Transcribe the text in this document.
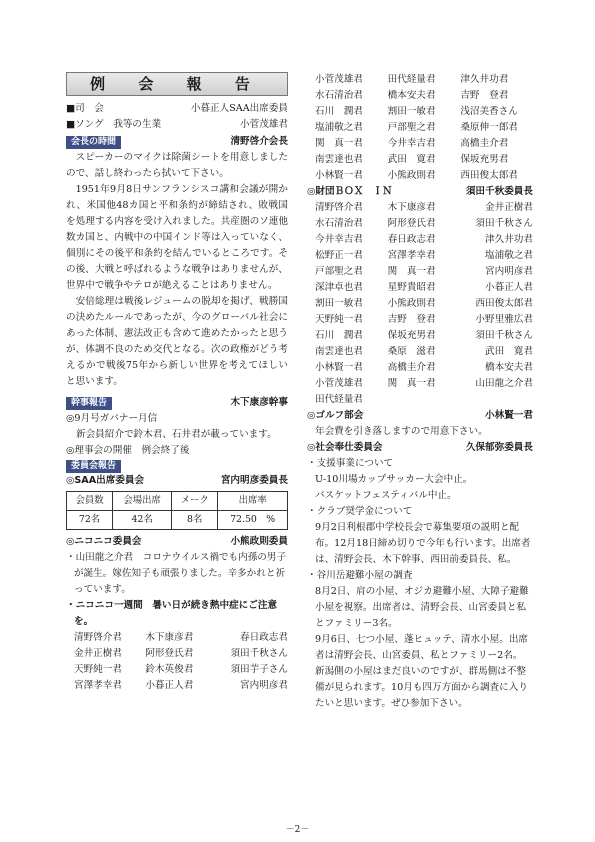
例 会 報 告
■司　会	小暮正人SAA出席委員
■ソング　我等の生業	小菅茂雄君
会長の時間	清野啓介会長

スピーカーのマイクは除菌シートを用意しましたので、話し終わったら拭いて下さい。

1951年9月8日サンフランシスコ講和会議が開かれ、米国他48カ国と平和条約が締結され、敗戦国を処理する内容を受け入れました。共産圏のソ連他数カ国と、内戦中の中国インド等は入っていなく、個別にその後平和条約を結んでいるところです。その後、大戦と呼ばれるような戦争はありませんが、世界中で戦争やテロが絶えることはありません。

安倍総理は戦後レジュームの脱却を掲げ、戦勝国の決めたルールであったが、今のグローバル社会にあった体制、憲法改正も含めて進めたかったと思うが、体調不良のため交代となる。次の政権がどう考えるかで戦後75年から新しい世界を考えてほしいと思います。

幹事報告	木下康彦幹事
◎9月号ガバナー月信
新会員紹介で鈴木君、石井君が載っています。
◎理事会の開催　例会終了後
委員会報告
◎SAA出席委員会	宮内明彦委員長
会員数	会場出席	メーク	出席率
72名	42名	8名	72.50　%
◎ニコニコ委員会	小熊政則委員
・山田龍之介君　コロナウイルス禍でも内孫の男子が誕生。嫁佐知子も頑張りました。辛多かれと祈っています。
・ニコニコ一週間　暑い日が続き熱中症にご注意を。
清野啓介君	木下康彦君	春日政志君
金井正樹君	阿形登氏君	須田千秋さん
天野純一君	鈴木英俊君	須田芋子さん
宮澤孝幸君	小暮正人君	宮内明彦君
小菅茂雄君	田代経量君	津久井功君
水石清治君	橋本安夫君	吉野　登君
石川　潤君	割田一敏君	浅沼美香さん
塩浦敬之君	戸部聖之君	桑原伸一郎君
関　真一君	今井幸吉君	高橋圭介君
南雲達也君	武田　寛君	保坂充男君
小林賢一君	小熊政則君	西田俊太郎君
◎財団ＢＯＸ　ＩＮ	須田千秋委員長
清野啓介君	木下康彦君	金井正樹君
水石清治君	阿形登氏君	須田千秋さん
今井幸吉君	春日政志君	津久井功君
松野正一君	宮澤孝幸君	塩浦敬之君
戸部聖之君	関　真一君	宮内明彦君
深津卓也君	星野貴昭君	小暮正人君
割田一敏君	小熊政則君	西田俊太郎君
天野純一君	吉野　登君	小野里雅広君
石川　潤君	保坂充男君	須田千秋さん
南雲達也君	桑原　滋君	武田　寛君
小林賢一君	高橋圭介君	橋本安夫君
小菅茂雄君	関　真一君	山田龍之介君
田代経量君
◎ゴルフ部会	小林賢一君
年会費を引き落しますので用意下さい。
◎社会奉仕委員会	久保郁弥委員長
・支援事業について
U-10川場カップサッカー大会中止。
バスケットフェスティバル中止。
・クラブ奨学金について
9月2日利根郡中学校長会で募集要項の説明と配布。12月18日締め切りで今年も行います。出席者は、清野会長、木下幹事、西田前委員長、私。
・谷川岳避難小屋の調査
8月2日、肩の小屋、オジカ避難小屋、大障子避難小屋を視察。出席者は、清野会長、山宮委員と私とファミリー3名。
9月6日、七つ小屋、蓬ヒュッテ、清水小屋。出席者は清野会長、山宮委員、私とファミリー2名。
新潟側の小屋はまだ良いのですが、群馬側は不整備が見られます。10月も四万方面から調査に入りたいと思います。ぜひ参加下さい。
－2－
